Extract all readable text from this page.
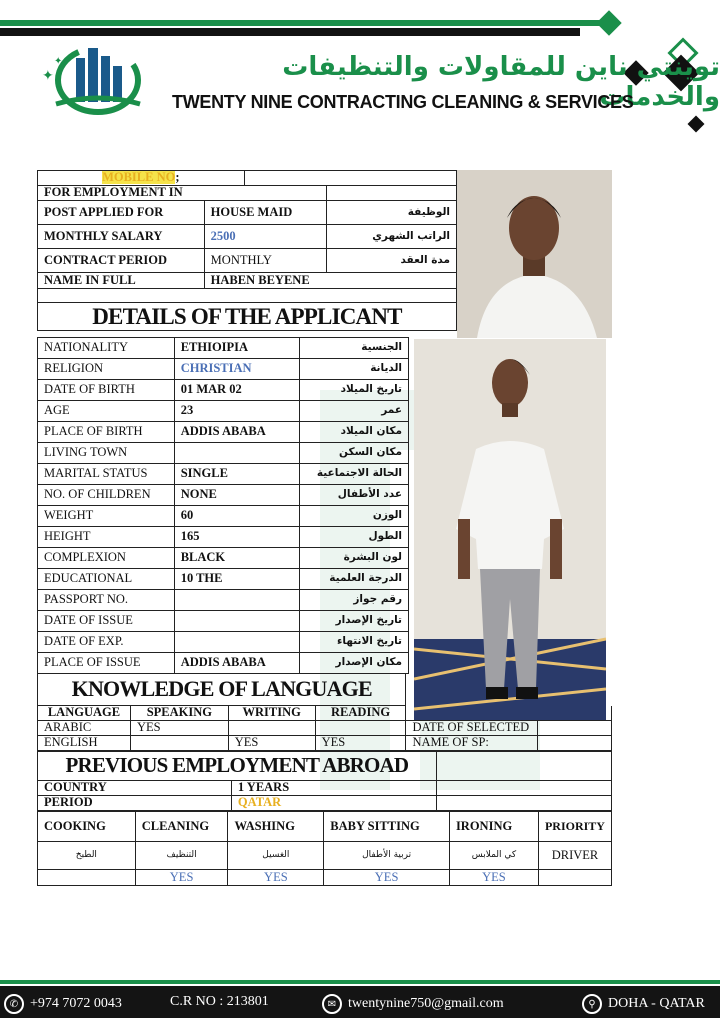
✦
✦	توينتي ناين للمقاولات والتنظيفات والخدمات
TWENTY NINE CONTRACTING CLEANING & SERVICES
MOBILE NO;			
FOR EMPLOYMENT IN			
POST APPLIED FOR	HOUSE MAID		الوظيفة
MONTHLY SALARY	2500		الراتب الشهري
CONTRACT PERIOD	MONTHLY		مدة العقد
NAME IN FULL	HABEN BEYENE		

DETAILS OF THE APPLICANT			
NATIONALITY	ETHIOIPIA	الجنسية
RELIGION	CHRISTIAN	الديانة
DATE OF BIRTH	01 MAR 02	تاريخ الميلاد
AGE	23	عمر
PLACE OF BIRTH	ADDIS ABABA	مكان الميلاد
LIVING TOWN		مكان السكن
MARITAL STATUS	SINGLE	الحالة الاجتماعية
NO. OF CHILDREN	NONE	عدد الأطفال
WEIGHT	60	الوزن
HEIGHT	165	الطول
COMPLEXION	BLACK	لون البشرة
EDUCATIONAL	10 THE	الدرجة العلمية
PASSPORT NO.		رقم جواز
DATE OF ISSUE		تاريخ الإصدار
DATE OF EXP.		تاريخ الانتهاء
PLACE OF ISSUE	ADDIS ABABA	مكان الإصدار
KNOWLEDGE OF LANGUAGE					
LANGUAGE	SPEAKING	WRITING	READING		
ARABIC	YES			DATE OF SELECTED	
ENGLISH		YES	YES	NAME OF SP:	
PREVIOUS EMPLOYMENT ABROAD		
COUNTRY	1 YEARS	
PERIOD	QATAR	
COOKING	CLEANING	WASHING	BABY SITTING	IRONING	PRIORITY
الطبخ	التنظيف	الغسيل	تربية الأطفال	كي الملابس	DRIVER
	YES	YES	YES	YES	
✆ +974 7072 0043	C.R NO : 213801	✉ twentynine750@gmail.com	⚲ DOHA - QATAR
